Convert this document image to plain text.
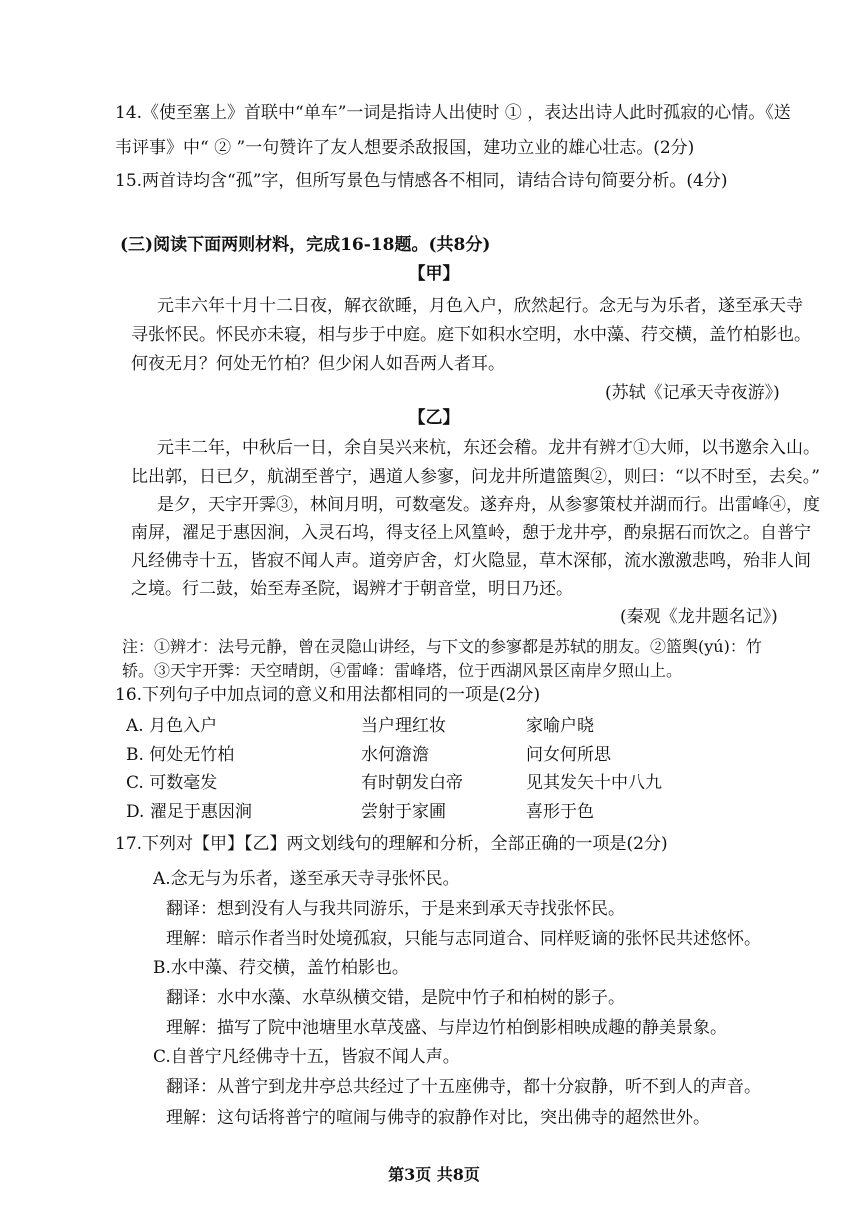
14.《使至塞上》首联中“单车”一词是指诗人出使时 ① ，表达出诗人此时孤寂的心情。《送
韦评事》中“ ② ”一句赞许了友人想要杀敌报国，建功立业的雄心壮志。(2分)
15.两首诗均含“孤”字，但所写景色与情感各不相同，请结合诗句简要分析。(4分)
(三)阅读下面两则材料，完成16-18题。(共8分)
【甲】
元丰六年十月十二日夜，解衣欲睡，月色入户，欣然起行。念无与为乐者，遂至承天寺
寻张怀民。怀民亦未寝，相与步于中庭。庭下如积水空明，水中藻、荇交横，盖竹柏影也。
何夜无月？何处无竹柏？但少闲人如吾两人者耳。
(苏轼《记承天寺夜游》)
【乙】
元丰二年，中秋后一日，余自吴兴来杭，东还会稽。龙井有辨才①大师，以书邀余入山。
比出郭，日已夕，航湖至普宁，遇道人参寥，问龙井所遣篮舆②，则曰：“以不时至，去矣。”
是夕，天宇开霁③，林间月明，可数毫发。遂弃舟，从参寥策杖并湖而行。出雷峰④，度
南屏，濯足于惠因涧，入灵石坞，得支径上风篁岭，憩于龙井亭，酌泉据石而饮之。自普宁
凡经佛寺十五，皆寂不闻人声。道旁庐舍，灯火隐显，草木深郁，流水激激悲鸣，殆非人间
之境。行二鼓，始至寿圣院，谒辨才于朝音堂，明日乃还。
(秦观《龙井题名记》)
注：①辨才：法号元静，曾在灵隐山讲经，与下文的参寥都是苏轼的朋友。②篮舆(yú)：竹
轿。③天宇开霁：天空晴朗，④雷峰：雷峰塔，位于西湖风景区南岸夕照山上。
16.下列句子中加点词的意义和用法都相同的一项是(2分)
A. 月色入户	当户理红妆	家喻户晓
B. 何处无竹柏	水何澹澹	问女何所思
C. 可数毫发	有时朝发白帝	见其发矢十中八九
D. 濯足于惠因涧	尝射于家圃	喜形于色
17.下列对【甲】【乙】两文划线句的理解和分析，全部正确的一项是(2分)
A.念无与为乐者，遂至承天寺寻张怀民。
翻译：想到没有人与我共同游乐，于是来到承天寺找张怀民。
理解：暗示作者当时处境孤寂，只能与志同道合、同样贬谪的张怀民共述悠怀。
B.水中藻、荇交横，盖竹柏影也。
翻译：水中水藻、水草纵横交错，是院中竹子和柏树的影子。
理解：描写了院中池塘里水草茂盛、与岸边竹柏倒影相映成趣的静美景象。
C.自普宁凡经佛寺十五，皆寂不闻人声。
翻译：从普宁到龙井亭总共经过了十五座佛寺，都十分寂静，听不到人的声音。
理解：这句话将普宁的喧闹与佛寺的寂静作对比，突出佛寺的超然世外。
第3页 共8页
